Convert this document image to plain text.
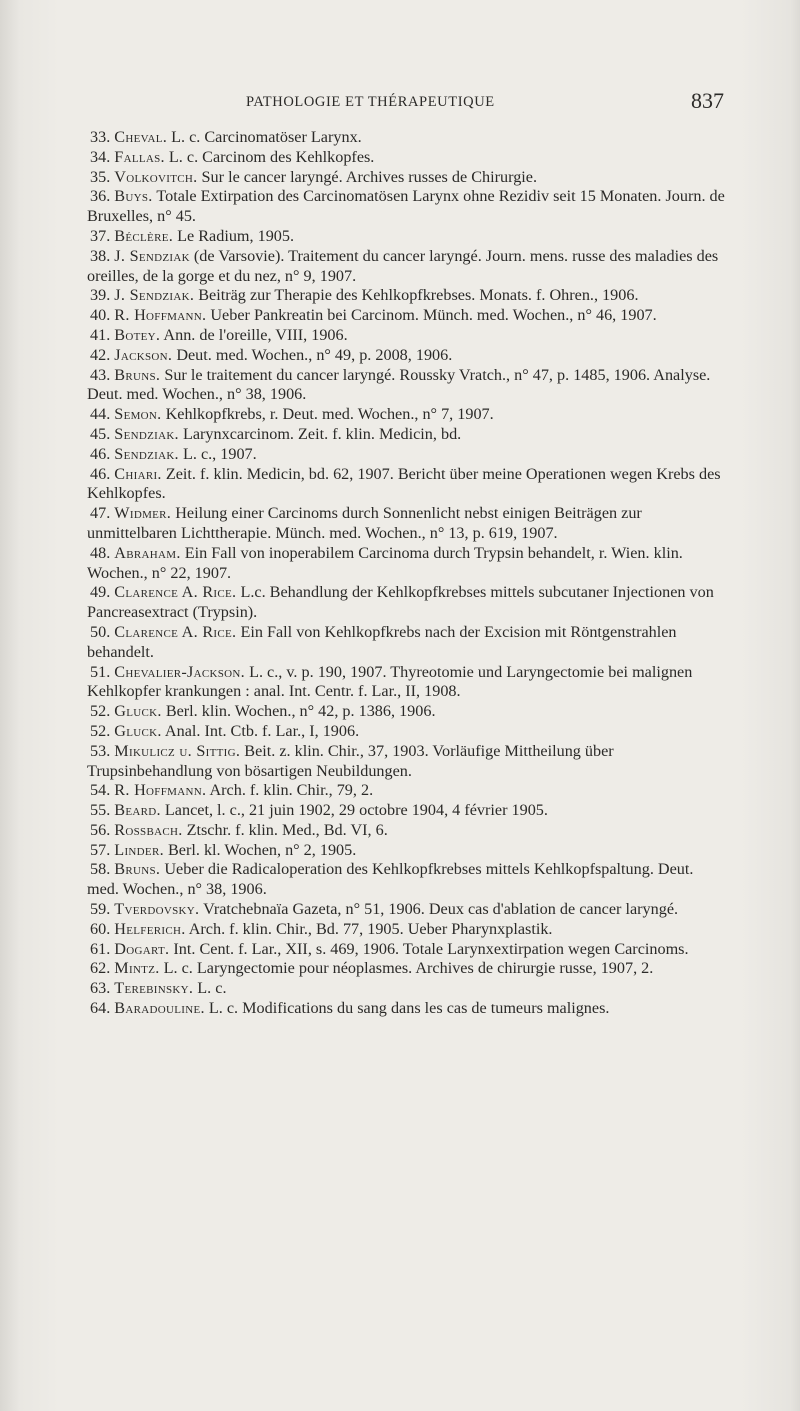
PATHOLOGIE ET THÉRAPEUTIQUE	837

33. Cheval. L. c. Carcinomatöser Larynx.

34. Fallas. L. c. Carcinom des Kehlkopfes.

35. Volkovitch. Sur le cancer laryngé. Archives russes de Chirurgie.

36. Buys. Totale Extirpation des Carcinomatösen Larynx ohne Rezidiv seit 15 Monaten. Journ. de Bruxelles, n° 45.

37. Béclère. Le Radium, 1905.

38. J. Sendziak (de Varsovie). Traitement du cancer laryngé. Journ. mens. russe des maladies des oreilles, de la gorge et du nez, n° 9, 1907.

39. J. Sendziak. Beiträg zur Therapie des Kehlkopfkrebses. Monats. f. Ohren., 1906.

40. R. Hoffmann. Ueber Pankreatin bei Carcinom. Münch. med. Wochen., n° 46, 1907.

41. Botey. Ann. de l'oreille, VIII, 1906.

42. Jackson. Deut. med. Wochen., n° 49, p. 2008, 1906.

43. Bruns. Sur le traitement du cancer laryngé. Roussky Vratch., n° 47, p. 1485, 1906. Analyse. Deut. med. Wochen., n° 38, 1906.

44. Semon. Kehlkopfkrebs, r. Deut. med. Wochen., n° 7, 1907.

45. Sendziak. Larynxcarcinom. Zeit. f. klin. Medicin, bd.

46. Sendziak. L. c., 1907.

46. Chiari. Zeit. f. klin. Medicin, bd. 62, 1907. Bericht über meine Operationen wegen Krebs des Kehlkopfes.

47. Widmer. Heilung einer Carcinoms durch Sonnenlicht nebst einigen Beiträgen zur unmittelbaren Lichttherapie. Münch. med. Wochen., n° 13, p. 619, 1907.

48. Abraham. Ein Fall von inoperabilem Carcinoma durch Trypsin behandelt, r. Wien. klin. Wochen., n° 22, 1907.

49. Clarence A. Rice. L.c. Behandlung der Kehlkopfkrebses mittels subcutaner Injectionen von Pancreasextract (Trypsin).

50. Clarence A. Rice. Ein Fall von Kehlkopfkrebs nach der Excision mit Röntgenstrahlen behandelt.

51. Chevalier-Jackson. L. c., v. p. 190, 1907. Thyreotomie und Laryngectomie bei malignen Kehlkopfer krankungen : anal. Int. Centr. f. Lar., II, 1908.

52. Gluck. Berl. klin. Wochen., n° 42, p. 1386, 1906.

52. Gluck. Anal. Int. Ctb. f. Lar., I, 1906.

53. Mikulicz u. Sittig. Beit. z. klin. Chir., 37, 1903. Vorläufige Mittheilung über Trupsinbehandlung von bösartigen Neubildungen.

54. R. Hoffmann. Arch. f. klin. Chir., 79, 2.

55. Beard. Lancet, l. c., 21 juin 1902, 29 octobre 1904, 4 février 1905.

56. Rossbach. Ztschr. f. klin. Med., Bd. VI, 6.

57. Linder. Berl. kl. Wochen, n° 2, 1905.

58. Bruns. Ueber die Radicaloperation des Kehlkopfkrebses mittels Kehlkopfspaltung. Deut. med. Wochen., n° 38, 1906.

59. Tverdovsky. Vratchebnaïa Gazeta, n° 51, 1906. Deux cas d'ablation de cancer laryngé.

60. Helferich. Arch. f. klin. Chir., Bd. 77, 1905. Ueber Pharynxplastik.

61. Dogart. Int. Cent. f. Lar., XII, s. 469, 1906. Totale Larynxextirpation wegen Carcinoms.

62. Mintz. L. c. Laryngectomie pour néoplasmes. Archives de chirurgie russe, 1907, 2.

63. Terebinsky. L. c.

64. Baradouline. L. c. Modifications du sang dans les cas de tumeurs malignes.
